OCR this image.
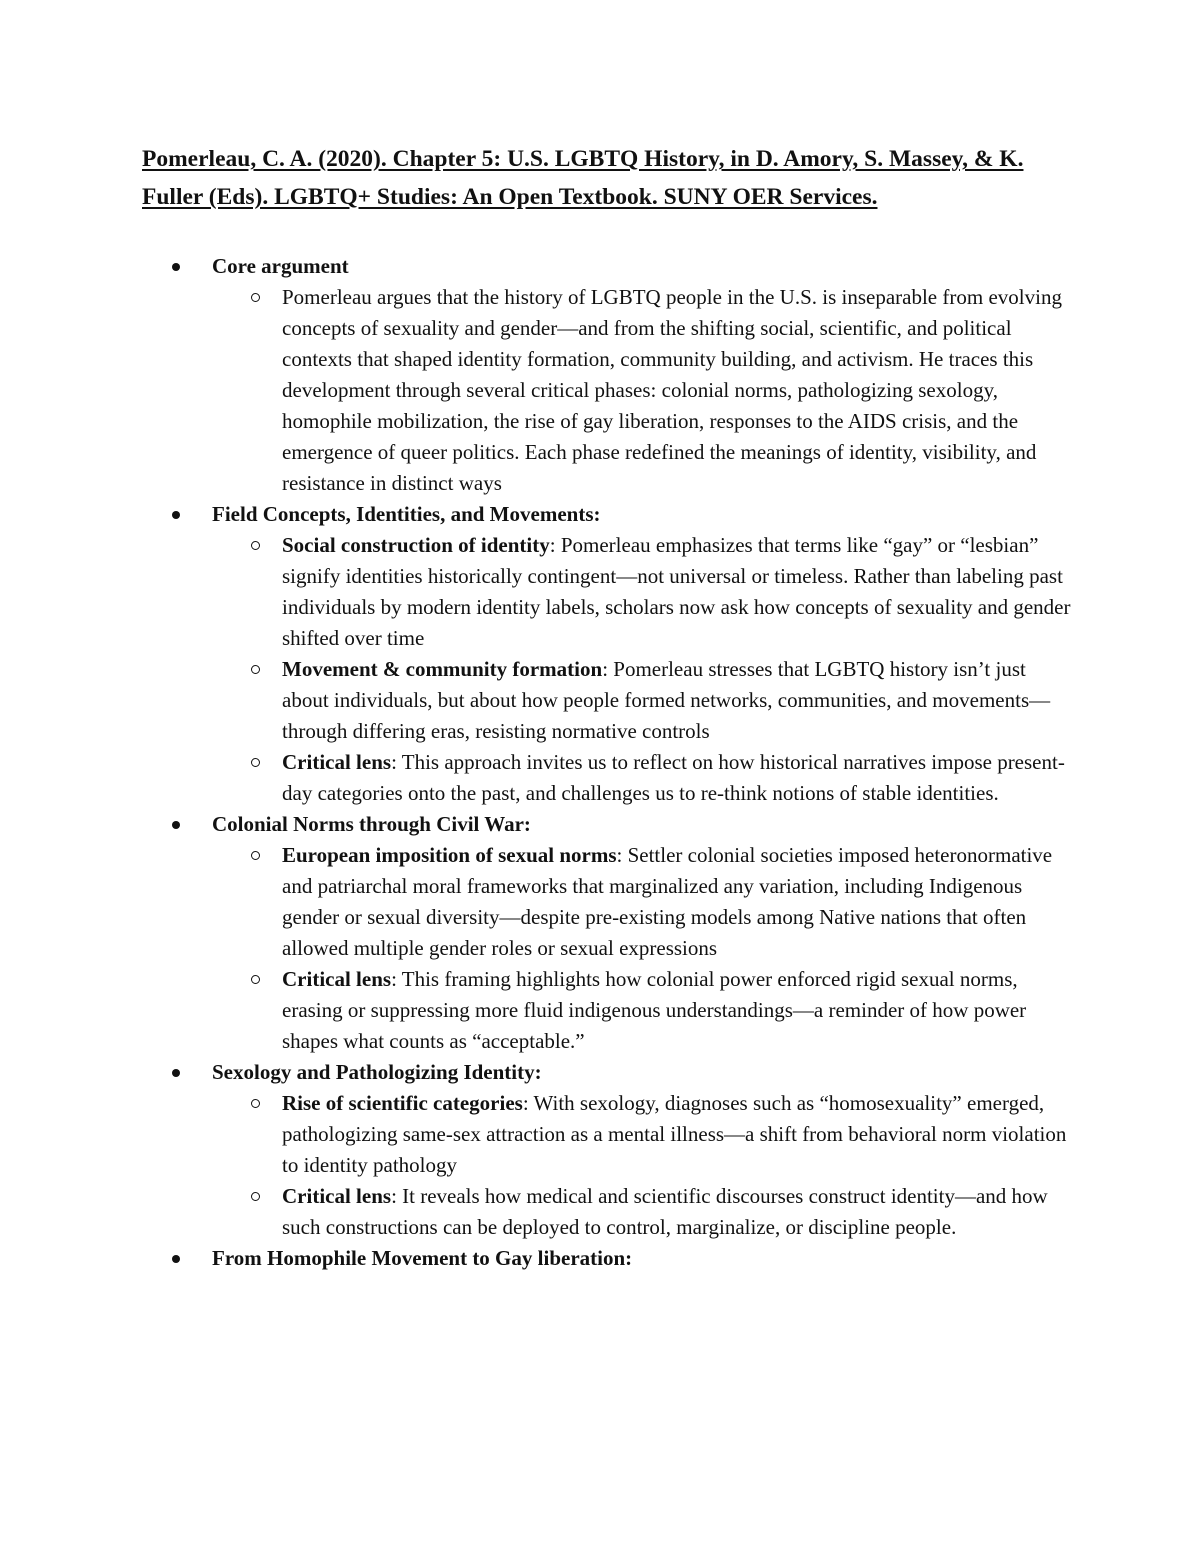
Pomerleau, C. A. (2020). Chapter 5: U.S. LGBTQ History, in D. Amory, S. Massey, & K. Fuller (Eds). LGBTQ+ Studies: An Open Textbook. SUNY OER Services.
Core argument
Pomerleau argues that the history of LGBTQ people in the U.S. is inseparable from evolving concepts of sexuality and gender—and from the shifting social, scientific, and political contexts that shaped identity formation, community building, and activism. He traces this development through several critical phases: colonial norms, pathologizing sexology, homophile mobilization, the rise of gay liberation, responses to the AIDS crisis, and the emergence of queer politics. Each phase redefined the meanings of identity, visibility, and resistance in distinct ways
Field Concepts, Identities, and Movements:
Social construction of identity: Pomerleau emphasizes that terms like “gay” or “lesbian” signify identities historically contingent—not universal or timeless. Rather than labeling past individuals by modern identity labels, scholars now ask how concepts of sexuality and gender shifted over time
Movement & community formation: Pomerleau stresses that LGBTQ history isn’t just about individuals, but about how people formed networks, communities, and movements—through differing eras, resisting normative controls
Critical lens: This approach invites us to reflect on how historical narratives impose present-day categories onto the past, and challenges us to re-think notions of stable identities.
Colonial Norms through Civil War:
European imposition of sexual norms: Settler colonial societies imposed heteronormative and patriarchal moral frameworks that marginalized any variation, including Indigenous gender or sexual diversity—despite pre-existing models among Native nations that often allowed multiple gender roles or sexual expressions
Critical lens: This framing highlights how colonial power enforced rigid sexual norms, erasing or suppressing more fluid indigenous understandings—a reminder of how power shapes what counts as “acceptable.”
Sexology and Pathologizing Identity:
Rise of scientific categories: With sexology, diagnoses such as “homosexuality” emerged, pathologizing same-sex attraction as a mental illness—a shift from behavioral norm violation to identity pathology
Critical lens: It reveals how medical and scientific discourses construct identity—and how such constructions can be deployed to control, marginalize, or discipline people.
From Homophile Movement to Gay liberation:
